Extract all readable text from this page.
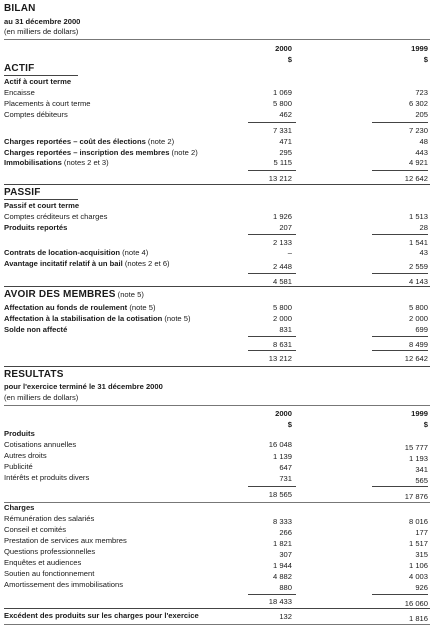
BILAN
au 31 décembre 2000
(en milliers de dollars)
2000	1999
$	$
ACTIF
Actif à court terme
Encaisse	1 069	723
Placements à court terme	5 800	6 302
Comptes débiteurs	462	205
7 331	7 230
Charges reportées – coût des élections (note 2)	471	48
Charges reportées – inscription des membres (note 2)	295	443
Immobilisations (notes 2 et 3)	5 115	4 921
13 212	12 642
PASSIF
Passif et court terme
Comptes créditeurs et charges	1 926	1 513
Produits reportés	207	28
2 133	1 541
Contrats de location-acquisition (note 4)	–	43
Avantage incitatif relatif à un bail (notes 2 et 6)	2 448	2 559
4 581	4 143
AVOIR DES MEMBRES (note 5)
Affectation au fonds de roulement (note 5)	5 800	5 800
Affectation à la stabilisation de la cotisation (note 5)	2 000	2 000
Solde non affecté	831	699
8 631	8 499
13 212	12 642
RESULTATS
pour l'exercice terminé le 31 décembre 2000
(en milliers de dollars)
2000	1999
$	$
Produits
Cotisations annuelles	16 048	15 777
Autres droits	1 139	1 193
Publicité	647	341
Intérêts et produits divers	731	565
18 565	17 876
Charges
Rémunération des salariés	8 333	8 016
Conseil et comités	266	177
Prestation de services aux membres	1 821	1 517
Questions professionnelles	307	315
Enquêtes et audiences	1 944	1 106
Soutien au fonctionnement	4 882	4 003
Amortissement des immobilisations	880	926
18 433	16 060
Excédent des produits sur les charges pour l'exercice	132	1 816
